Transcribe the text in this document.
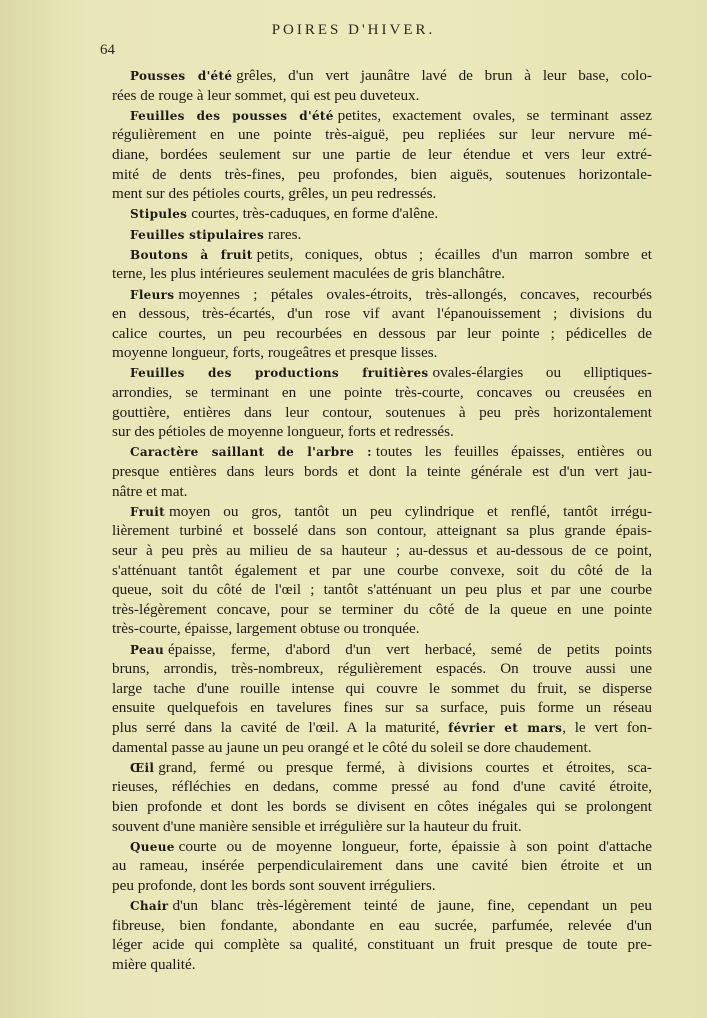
POIRES D'HIVER.
64
Pousses d'été grêles, d'un vert jaunâtre lavé de brun à leur base, colo-
rées de rouge à leur sommet, qui est peu duveteux.
Feuilles des pousses d'été petites, exactement ovales, se terminant assez
régulièrement en une pointe très-aiguë, peu repliées sur leur nervure mé-
diane, bordées seulement sur une partie de leur étendue et vers leur extré-
mité de dents très-fines, peu profondes, bien aiguës, soutenues horizontale-
ment sur des pétioles courts, grêles, un peu redressés.
Stipules courtes, très-caduques, en forme d'alêne.
Feuilles stipulaires rares.
Boutons à fruit petits, coniques, obtus ; écailles d'un marron sombre et
terne, les plus intérieures seulement maculées de gris blanchâtre.
Fleurs moyennes ; pétales ovales-étroits, très-allongés, concaves, recourbés
en dessous, très-écartés, d'un rose vif avant l'épanouissement ; divisions du
calice courtes, un peu recourbées en dessous par leur pointe ; pédicelles de
moyenne longueur, forts, rougeâtres et presque lisses.
Feuilles des productions fruitières ovales-élargies ou elliptiques-
arrondies, se terminant en une pointe très-courte, concaves ou creusées en
gouttière, entières dans leur contour, soutenues à peu près horizontalement
sur des pétioles de moyenne longueur, forts et redressés.
Caractère saillant de l'arbre : toutes les feuilles épaisses, entières ou
presque entières dans leurs bords et dont la teinte générale est d'un vert jau-
nâtre et mat.
Fruit moyen ou gros, tantôt un peu cylindrique et renflé, tantôt irrégu-
lièrement turbiné et bosselé dans son contour, atteignant sa plus grande épais-
seur à peu près au milieu de sa hauteur ; au-dessus et au-dessous de ce point,
s'atténuant tantôt également et par une courbe convexe, soit du côté de la
queue, soit du côté de l'œil ; tantôt s'atténuant un peu plus et par une courbe
très-légèrement concave, pour se terminer du côté de la queue en une pointe
très-courte, épaisse, largement obtuse ou tronquée.
Peau épaisse, ferme, d'abord d'un vert herbacé, semé de petits points
bruns, arrondis, très-nombreux, régulièrement espacés. On trouve aussi une
large tache d'une rouille intense qui couvre le sommet du fruit, se disperse
ensuite quelquefois en tavelures fines sur sa surface, puis forme un réseau
plus serré dans la cavité de l'œil. A la maturité, février et mars, le vert fon-
damental passe au jaune un peu orangé et le côté du soleil se dore chaudement.
Œil grand, fermé ou presque fermé, à divisions courtes et étroites, sca-
rieuses, réfléchies en dedans, comme pressé au fond d'une cavité étroite,
bien profonde et dont les bords se divisent en côtes inégales qui se prolongent
souvent d'une manière sensible et irrégulière sur la hauteur du fruit.
Queue courte ou de moyenne longueur, forte, épaissie à son point d'attache
au rameau, insérée perpendiculairement dans une cavité bien étroite et un
peu profonde, dont les bords sont souvent irréguliers.
Chair d'un blanc très-légèrement teinté de jaune, fine, cependant un peu
fibreuse, bien fondante, abondante en eau sucrée, parfumée, relevée d'un
léger acide qui complète sa qualité, constituant un fruit presque de toute pre-
mière qualité.
